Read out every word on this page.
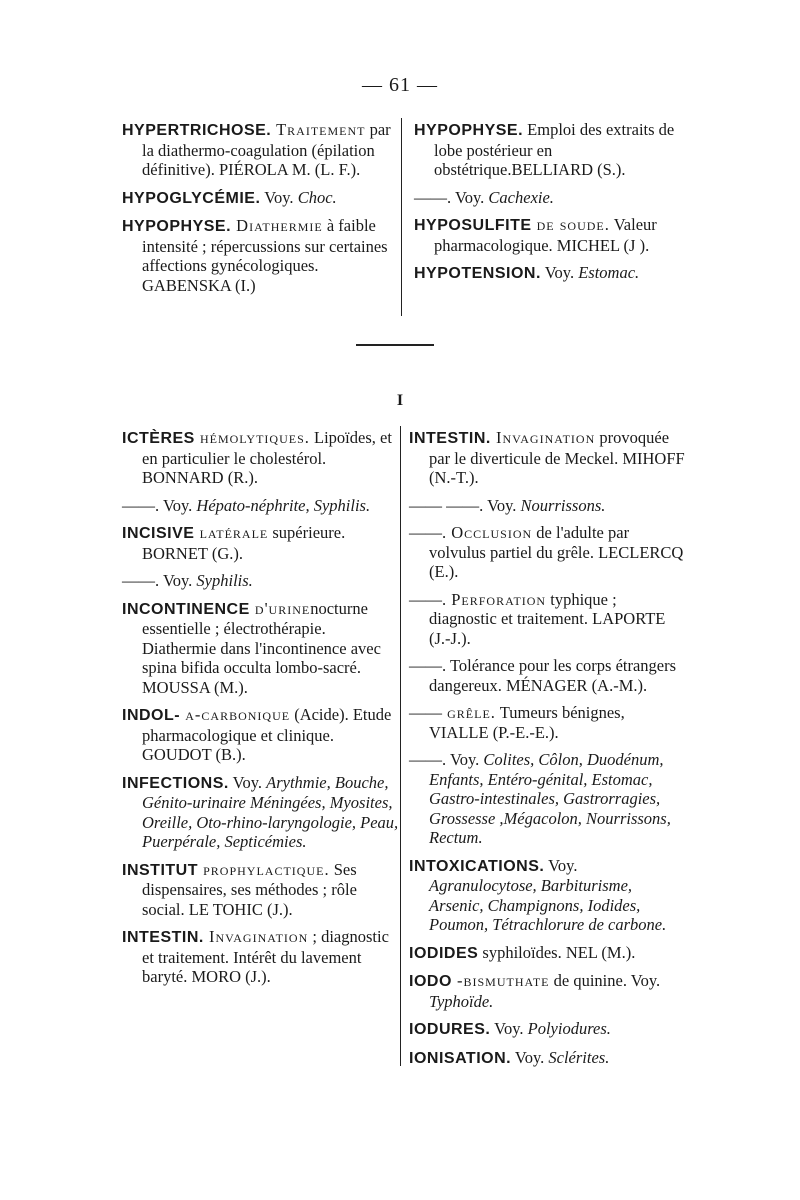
— 61 —

HYPERTRICHOSE. Traitement par la diathermo-coagulation (épilation définitive). PIÉROLA M. (L. F.).

HYPOGLYCÉMIE. Voy. Choc.

HYPOPHYSE. Diathermie à faible intensité ; répercussions sur certaines affections gynécologiques. GABENSKA (I.)

HYPOPHYSE. Emploi des extraits de lobe postérieur en obstétrique.BELLIARD (S.).

——. Voy. Cachexie.

HYPOSULFITE de soude. Valeur pharmacologique. MICHEL (J ).

HYPOTENSION. Voy. Estomac.

I

ICTÈRES hémolytiques. Lipoïdes, et en particulier le cholestérol. BONNARD (R.).

——. Voy. Hépato-néphrite, Syphilis.

INCISIVE latérale supérieure. BORNET (G.).

——. Voy. Syphilis.

INCONTINENCE d'urinenocturne essentielle ; électrothérapie. Diathermie dans l'incontinence avec spina bifida occulta lombo-sacré. MOUSSA (M.).

INDOL- α-carbonique (Acide). Etude pharmacologique et clinique. GOUDOT (B.).

INFECTIONS. Voy. Arythmie, Bouche, Génito-urinaire Méningées, Myosites, Oreille, Oto-rhino-laryngologie, Peau, Puerpérale, Septicémies.

INSTITUT prophylactique. Ses dispensaires, ses méthodes ; rôle social. LE TOHIC (J.).

INTESTIN. Invagination ; diagnostic et traitement. Intérêt du lavement baryté. MORO (J.).

INTESTIN. Invagination provoquée par le diverticule de Meckel. MIHOFF (N.-T.).

—— ——. Voy. Nourrissons.

——. Occlusion de l'adulte par volvulus partiel du grêle. LECLERCQ (E.).

——. Perforation typhique ; diagnostic et traitement. LAPORTE (J.-J.).

——. Tolérance pour les corps étrangers dangereux. MÉNAGER (A.-M.).

—— grêle. Tumeurs bénignes, VIALLE (P.-E.-E.).

——. Voy. Colites, Côlon, Duodénum, Enfants, Entéro-génital, Estomac, Gastro-intestinales, Gastrorragies, Grossesse ,Mégacolon, Nourrissons, Rectum.

INTOXICATIONS. Voy. Agranulocytose, Barbiturisme, Arsenic, Champignons, Iodides, Poumon, Tétrachlorure de carbone.

IODIDES syphiloïdes. NEL (M.).

IODO -bismuthate de quinine. Voy. Typhoïde.

IODURES. Voy. Polyiodures.

IONISATION. Voy. Sclérites.
